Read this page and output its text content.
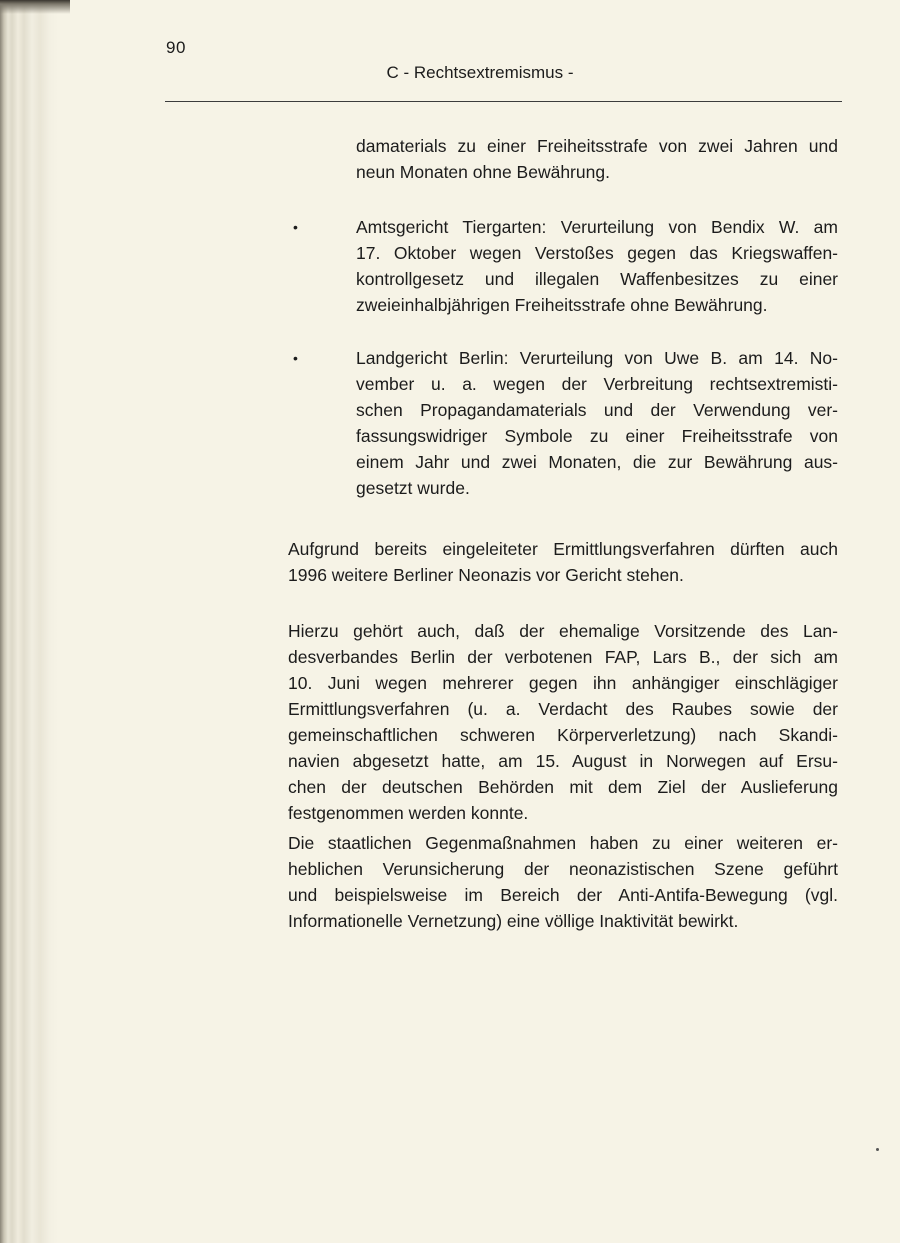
90
C - Rechtsextremismus -
damaterials zu einer Freiheitsstrafe von zwei Jahren und
neun Monaten ohne Bewährung.
•	Amtsgericht Tiergarten: Verurteilung von Bendix W. am
17. Oktober wegen Verstoßes gegen das Kriegswaffen-
kontrollgesetz und illegalen Waffenbesitzes zu einer
zweieinhalbjährigen Freiheitsstrafe ohne Bewährung.
•	Landgericht Berlin: Verurteilung von Uwe B. am 14. No-
vember u. a. wegen der Verbreitung rechtsextremisti-
schen Propagandamaterials und der Verwendung ver-
fassungswidriger Symbole zu einer Freiheitsstrafe von
einem Jahr und zwei Monaten, die zur Bewährung aus-
gesetzt wurde.
Aufgrund bereits eingeleiteter Ermittlungsverfahren dürften auch
1996 weitere Berliner Neonazis vor Gericht stehen.
Hierzu gehört auch, daß der ehemalige Vorsitzende des Lan-
desverbandes Berlin der verbotenen FAP, Lars B., der sich am
10. Juni wegen mehrerer gegen ihn anhängiger einschlägiger
Ermittlungsverfahren (u. a. Verdacht des Raubes sowie der
gemeinschaftlichen schweren Körperverletzung) nach Skandi-
navien abgesetzt hatte, am 15. August in Norwegen auf Ersu-
chen der deutschen Behörden mit dem Ziel der Auslieferung
festgenommen werden konnte.
Die staatlichen Gegenmaßnahmen haben zu einer weiteren er-
heblichen Verunsicherung der neonazistischen Szene geführt
und beispielsweise im Bereich der Anti-Antifa-Bewegung (vgl.
Informationelle Vernetzung) eine völlige Inaktivität bewirkt.
